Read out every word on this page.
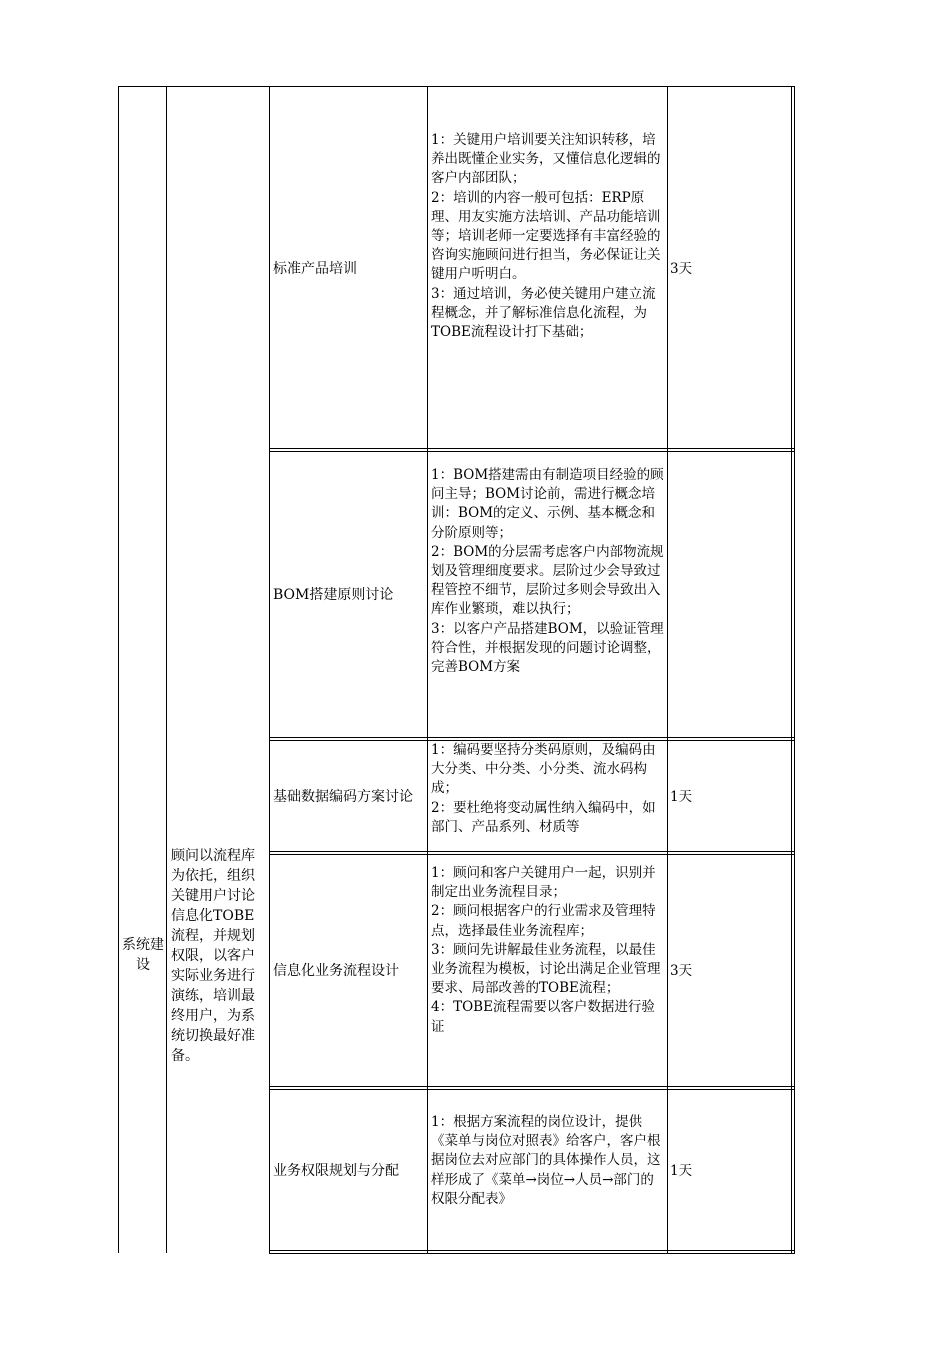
系统建设
顾问以流程库为依托，组织关键用户讨论信息化TOBE流程，并规划权限，以客户实际业务进行演练，培训最终用户，为系统切换最好准备。
标准产品培训
1：关键用户培训要关注知识转移，培养出既懂企业实务，又懂信息化逻辑的客户内部团队；
2：培训的内容一般可包括：ERP原理、用友实施方法培训、产品功能培训等；培训老师一定要选择有丰富经验的咨询实施顾问进行担当，务必保证让关键用户听明白。
3：通过培训，务必使关键用户建立流程概念，并了解标准信息化流程，为TOBE流程设计打下基础；
3天
BOM搭建原则讨论
1：BOM搭建需由有制造项目经验的顾问主导；BOM讨论前，需进行概念培训：BOM的定义、示例、基本概念和分阶原则等；
2：BOM的分层需考虑客户内部物流规划及管理细度要求。层阶过少会导致过程管控不细节，层阶过多则会导致出入库作业繁琐，难以执行；
3：以客户产品搭建BOM，以验证管理符合性，并根据发现的问题讨论调整，完善BOM方案
基础数据编码方案讨论
1：编码要坚持分类码原则，及编码由大分类、中分类、小分类、流水码构成；
2：要杜绝将变动属性纳入编码中，如部门、产品系列、材质等
1天
信息化业务流程设计
1：顾问和客户关键用户一起，识别并制定出业务流程目录；
2：顾问根据客户的行业需求及管理特点，选择最佳业务流程库；
3：顾问先讲解最佳业务流程，以最佳业务流程为模板，讨论出满足企业管理要求、局部改善的TOBE流程；
4：TOBE流程需要以客户数据进行验证
3天
业务权限规划与分配
1：根据方案流程的岗位设计，提供《菜单与岗位对照表》给客户，客户根据岗位去对应部门的具体操作人员，这样形成了《菜单→岗位→人员→部门的权限分配表》
1天
